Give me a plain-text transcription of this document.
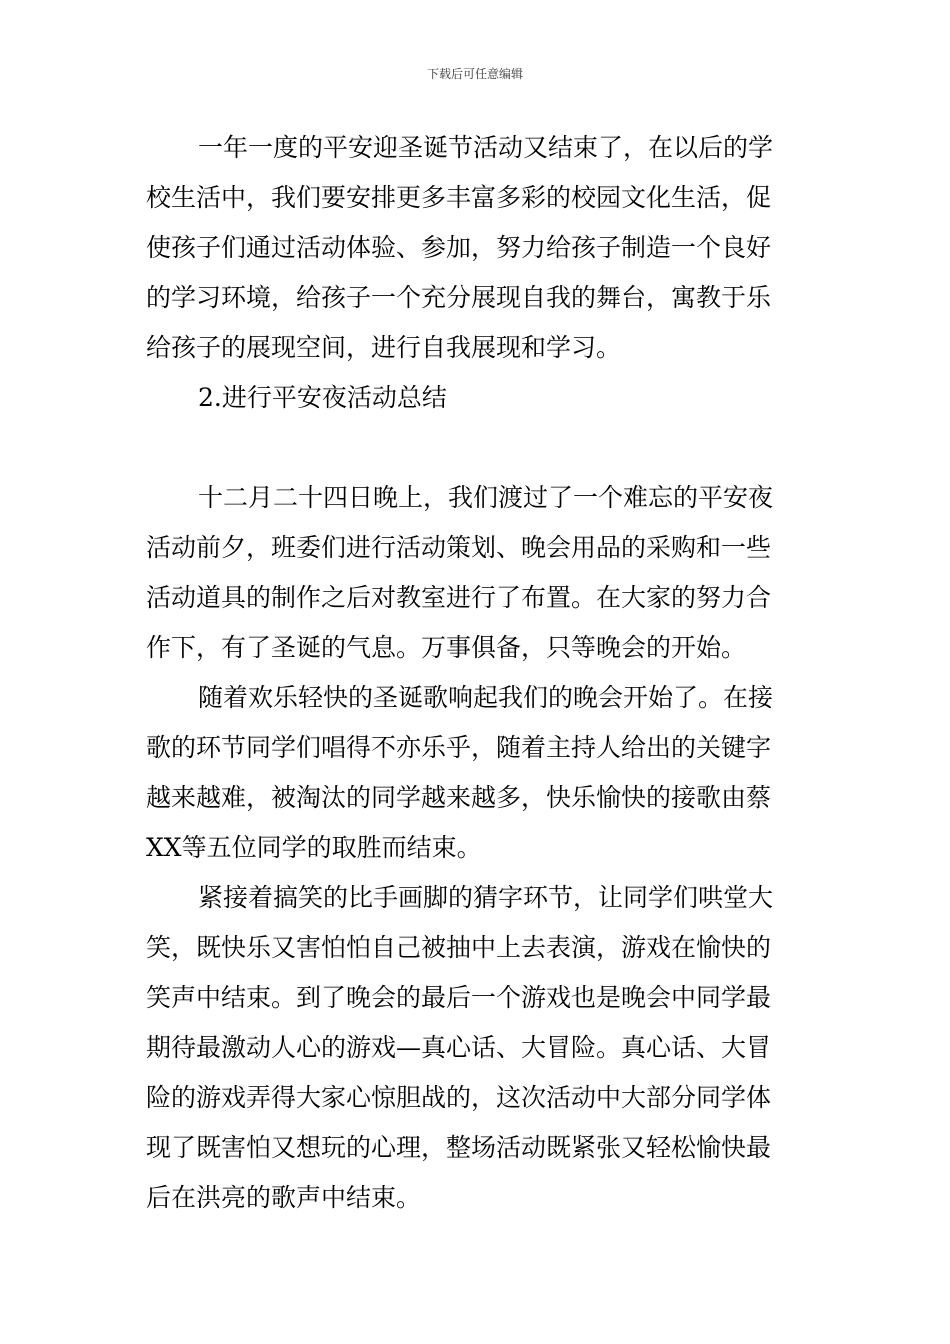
下载后可任意编辑
一年一度的平安迎圣诞节活动又结束了，在以后的学
校生活中，我们要安排更多丰富多彩的校园文化生活，促
使孩子们通过活动体验、参加，努力给孩子制造一个良好
的学习环境，给孩子一个充分展现自我的舞台，寓教于乐
给孩子的展现空间，进行自我展现和学习。
2.进行平安夜活动总结
十二月二十四日晚上，我们渡过了一个难忘的平安夜
活动前夕，班委们进行活动策划、晚会用品的采购和一些
活动道具的制作之后对教室进行了布置。在大家的努力合
作下，有了圣诞的气息。万事俱备，只等晚会的开始。
随着欢乐轻快的圣诞歌响起我们的晚会开始了。在接
歌的环节同学们唱得不亦乐乎，随着主持人给出的关键字
越来越难，被淘汰的同学越来越多，快乐愉快的接歌由蔡
XX等五位同学的取胜而结束。
紧接着搞笑的比手画脚的猜字环节，让同学们哄堂大
笑，既快乐又害怕怕自己被抽中上去表演，游戏在愉快的
笑声中结束。到了晚会的最后一个游戏也是晚会中同学最
期待最激动人心的游戏—真心话、大冒险。真心话、大冒
险的游戏弄得大家心惊胆战的，这次活动中大部分同学体
现了既害怕又想玩的心理，整场活动既紧张又轻松愉快最
后在洪亮的歌声中结束。
